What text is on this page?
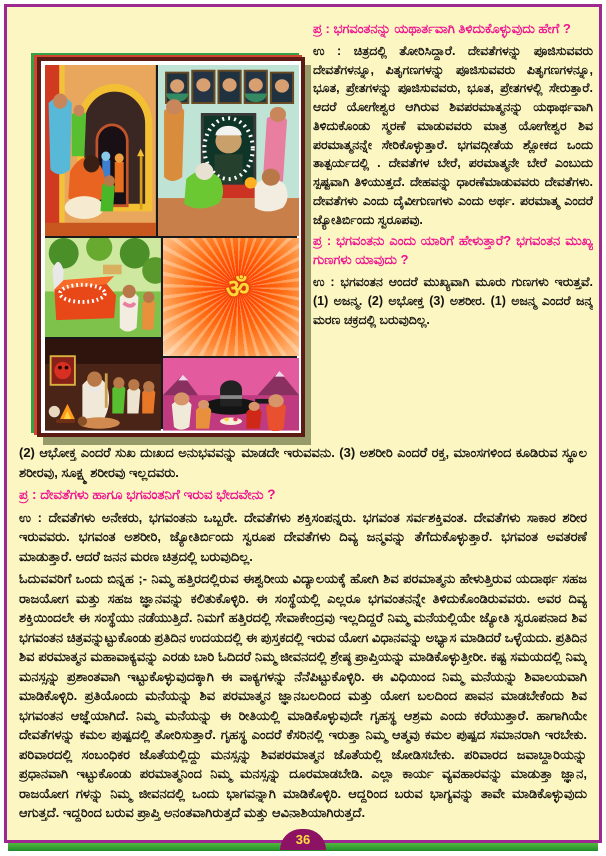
ॐ

ಪ್ರ : ಭಗವಂತನನ್ನು ಯಥಾರ್ತವಾಗಿ ತಿಳಿದುಕೊಳ್ಳುವುದು ಹೇಗೆ ?

ಉ : ಚಿತ್ರದಲ್ಲಿ ತೋರಿಸಿದ್ದಾರೆ. ದೇವತೆಗಳನ್ನು ಪೂಜಿಸುವವರು ದೇವತೆಗಳನ್ನೂ, ಪಿತೃಗಣಗಳನ್ನು ಪೂಜಿಸುವವರು ಪಿತೃಗಣಗಳನ್ನೂ, ಭೂತ, ಪ್ರೇತಗಳನ್ನು ಪೂಜಿಸುವವರು, ಭೂತ, ಪ್ರೇತಗಳಲ್ಲಿ ಸೇರುತ್ತಾರೆ. ಆದರೆ ಯೋಗೇಶ್ವರ ಆಗಿರುವ ಶಿವಪರಮಾತ್ಮನನ್ನು ಯಥಾರ್ಥವಾಗಿ ತಿಳಿದುಕೊಂಡು ಸ್ಮರಣೆ ಮಾಡುವವರು ಮಾತ್ರ ಯೋಗೇಶ್ವರ ಶಿವ ಪರಮಾತ್ಮನನ್ನೇ ಸೇರಿಕೊಳ್ಳುತ್ತಾರೆ. ಭಗವದ್ಗೀತೆಯ ಶ್ಲೋಕದ ಒಂದು ತಾತ್ಪರ್ಯದಲ್ಲಿ . ದೇವತೆಗಳ ಬೇರೆ, ಪರಮಾತ್ಮನೇ ಬೇರೆ ಎಂಬುದು ಸ್ಪಷ್ಟವಾಗಿ ತಿಳಿಯುತ್ತದೆ. ದೇಹವನ್ನು ಧಾರಣೆಮಾಡುವವರು ದೇವತೆಗಳು. ದೇವತೆಗಳು ಎಂದು ದೈವೀಗುಣಗಳು ಎಂದು ಅರ್ಥ. ಪರಮಾತ್ಮ ಎಂದರೆ ಜ್ಯೋತಿರ್ಬಿಂದು ಸ್ವರೂಪವು.

ಪ್ರ : ಭಗವಂತನು ಎಂದು ಯಾರಿಗೆ ಹೇಳುತ್ತಾರೆ? ಭಗವಂತನ ಮುಖ್ಯ ಗುಣಗಳು ಯಾವುದು ?

ಉ : ಭಗವಂತನ ಆಂದರೆ ಮುಖ್ಯವಾಗಿ ಮೂರು ಗುಣಗಳು ಇರುತ್ತವೆ. (1) ಅಜನ್ಮ. (2) ಅಭೋಕ್ತ (3) ಅಶರೀರ. (1) ಅಜನ್ಮ ಎಂದರೆ ಜನ್ಮ ಮರಣ ಚಕ್ರದಲ್ಲಿ ಬರುವುದಿಲ್ಲ.

(2) ಆಭೋಕ್ತ ಎಂದರೆ ಸುಖ ದುಃಖದ ಅನುಭವವನ್ನು ಮಾಡದೇ ಇರುವವನು. (3) ಅಶರೀರಿ ಎಂದರೆ ರಕ್ತ, ಮಾಂಸಗಳಿಂದ ಕೂಡಿರುವ ಸ್ಥೂಲ ಶರೀರವು, ಸೂಕ್ಷ್ಮ ಶರೀರವು ಇಲ್ಲದವರು.

ಪ್ರ : ದೇವತೆಗಳು ಹಾಗೂ ಭಗವಂತನಿಗೆ ಇರುವ ಭೇದವೇನು ?

ಉ : ದೇವತೆಗಳು ಅನೇಕರು, ಭಗವಂತನು ಒಬ್ಬರೇ. ದೇವತೆಗಳು ಶಕ್ತಿಸಂಪನ್ನರು. ಭಗವಂತ ಸರ್ವಶಕ್ತಿವಂತ. ದೇವತೆಗಳು ಸಾಕಾರ ಶರೀರ ಇರುವವರು. ಭಗವಂತ ಅಶರೀರಿ, ಜ್ಯೋತಿರ್ಬಿಂದು ಸ್ವರೂಪ ದೇವತೆಗಳು ದಿವ್ಯ ಜನ್ಮವನ್ನು ತೆಗೆದುಕೊಳ್ಳುತ್ತಾರೆ. ಭಗವಂತ ಅವತರಣೆ ಮಾಡುತ್ತಾರೆ. ಆದರೆ ಜನನ ಮರಣ ಚಿತ್ರದಲ್ಲಿ ಬರುವುದಿಲ್ಲ.

ಓದುವವರಿಗೆ ಒಂದು ಬಿನ್ನಹ ;- ನಿಮ್ಮ ಹತ್ತಿರದಲ್ಲಿರುವ ಈಶ್ವರೀಯ ವಿದ್ಯಾಲಯಕ್ಕೆ ಹೋಗಿ ಶಿವ ಪರಮಾತ್ಮನು ಹೇಳುತ್ತಿರುವ ಯದಾರ್ಥ ಸಹಜ ರಾಜಯೋಗ ಮತ್ತು ಸಹಜ ಜ್ಞಾನವನ್ನು ಕಲಿತುಕೊಳ್ಳಿರಿ. ಈ ಸಂಸ್ಥೆಯಲ್ಲಿ ಎಲ್ಲರೂ ಭಗವಂತನನ್ನೇ ತಿಳಿದುಕೊಂಡಿರುವವರು. ಅವರ ದಿವ್ಯ ಶಕ್ತಿಯಿಂದಲೇ ಈ ಸಂಸ್ಥೆಯು ನಡೆಯುತ್ತಿದೆ. ನಿಮಗೆ ಹತ್ತಿರದಲ್ಲಿ ಸೇವಾಕೇಂದ್ರವು ಇಲ್ಲದಿದ್ದರೆ ನಿಮ್ಮ ಮನೆಯಲ್ಲಿಯೇ ಜ್ಯೋತಿ ಸ್ವರೂಪನಾದ ಶಿವ ಭಗವಂತನ ಚಿತ್ರವನ್ನುಟ್ಟುಕೊಂಡು ಪ್ರತಿದಿನ ಉದಯದಲ್ಲಿ ಈ ಪುಸ್ತಕದಲ್ಲಿ ಇರುವ ಯೋಗ ವಿಧಾನವನ್ನು ಅಭ್ಯಾಸ ಮಾಡಿದರೆ ಒಳ್ಳೆಯದು. ಪ್ರತಿದಿನ ಶಿವ ಪರಮಾತ್ಮನ ಮಹಾವಾಕ್ಯವನ್ನು ಎರಡು ಬಾರಿ ಓದಿದರೆ ನಿಮ್ಮ ಜೀವನದಲ್ಲಿ ಶ್ರೇಷ್ಠ ಪ್ರಾಪ್ತಿಯನ್ನು ಮಾಡಿಕೊಳ್ಳುತ್ತೀರೀ. ಕಷ್ಟ ಸಮಯದಲ್ಲಿ ನಿಮ್ಮ ಮನಸ್ಸನ್ನು ಪ್ರಶಾಂತವಾಗಿ ಇಟ್ಟುಕೊಳ್ಳುವುದಕ್ಕಾಗಿ ಈ ವಾಕ್ಯಗಳನ್ನು ನೆನೆಪಿಟ್ಟುಕೊಳ್ಳಿರಿ. ಈ ವಿಧಿಯಿಂದ ನಿಮ್ಮ ಮನೆಯನ್ನು ಶಿವಾಲಯವಾಗಿ ಮಾಡಿಕೊಳ್ಳಿರಿ. ಪ್ರತಿಯೊಂದು ಮನೆಯನ್ನು ಶಿವ ಪರಮಾತ್ಮನ ಜ್ಞಾನಬಲದಿಂದ ಮತ್ತು ಯೋಗ ಬಲದಿಂದ ಪಾವನ ಮಾಡಬೇಕೆಂದು ಶಿವ ಭಗವಂತನ ಆಜ್ಞೆಯಾಗಿದೆ. ನಿಮ್ಮ ಮನೆಯನ್ನು ಈ ರೀತಿಯಲ್ಲಿ ಮಾಡಿಕೊಳ್ಳುವುದೇ ಗೃಹಸ್ಥ ಆಶ್ರಮ ಎಂದು ಕರೆಯುತ್ತಾರೆ. ಹಾಗಾಗಿಯೇ ದೇವತೆಗಳನ್ನು ಕಮಲ ಪುಷ್ಪದಲ್ಲಿ ತೋರಿಸುತ್ತಾರೆ. ಗೃಹಸ್ಥ ಎಂದರೆ ಕೆಸರಿನಲ್ಲಿ ಇರುತ್ತಾ ನಿಮ್ಮ ಆತ್ಮವು ಕಮಲ ಪುಷ್ಪದ ಸಮಾನರಾಗಿ ಇರಬೇಕು. ಪರಿವಾರದಲ್ಲಿ ಸಂಬಂಧಿಕರ ಜೊತೆಯಲ್ಲಿದ್ದು ಮನಸ್ಸನ್ನು ಶಿವಪರಮಾತ್ಮನ ಜೊತೆಯಲ್ಲಿ ಜೋಡಿಸಬೇಕು. ಪರಿವಾರದ ಜವಾಬ್ದಾರಿಯನ್ನು ಪ್ರಧಾನವಾಗಿ ಇಟ್ಟುಕೊಂಡು ಪರಮಾತ್ಮನಿಂದ ನಿಮ್ಮ ಮನಸ್ಸನ್ನು ದೂರಮಾಡಬೇಡಿ. ಎಲ್ಲಾ ಕಾರ್ಯ ವ್ಯವಹಾರವನ್ನು ಮಾಡುತ್ತಾ ಜ್ಞಾನ, ರಾಜಯೋಗ ಗಳನ್ನು ನಿಮ್ಮ ಜೀವನದಲ್ಲಿ ಒಂದು ಭಾಗವನ್ನಾಗಿ ಮಾಡಿಕೊಳ್ಳಿರಿ. ಆದ್ದರಿಂದ ಬರುವ ಭಾಗ್ಯವನ್ನು ತಾವೇ ಮಾಡಿಕೊಳ್ಳುವುದು ಆಗುತ್ತದೆ. ಇದ್ದರಿಂದ ಬರುವ ಪ್ರಾಪ್ತಿ ಅನಂತವಾಗಿರುತ್ತದೆ ಮತ್ತು ಆವಿನಾಶಿಯಾಗಿರುತ್ತದೆ.

36
